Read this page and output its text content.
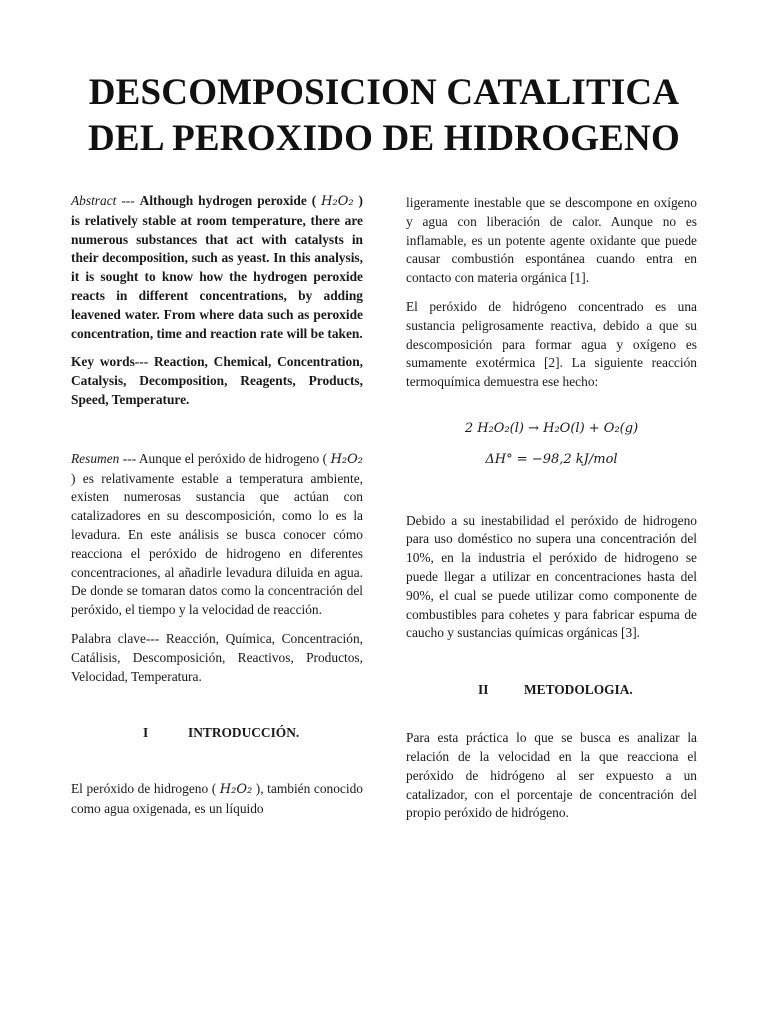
DESCOMPOSICION CATALITICA
DEL PEROXIDO DE HIDROGENO

Abstract --- Although hydrogen peroxide ( H₂O₂ ) is relatively stable at room temperature, there are numerous substances that act with catalysts in their decomposition, such as yeast. In this analysis, it is sought to know how the hydrogen peroxide reacts in different concentrations, by adding leavened water. From where data such as peroxide concentration, time and reaction rate will be taken.

Key words--- Reaction, Chemical, Concentration, Catalysis, Decomposition, Reagents, Products, Speed, Temperature.

Resumen --- Aunque el peróxido de hidrogeno ( H₂O₂ ) es relativamente estable a temperatura ambiente, existen numerosas sustancia que actúan con catalizadores en su descomposición, como lo es la levadura. En este análisis se busca conocer cómo reacciona el peróxido de hidrogeno en diferentes concentraciones, al añadirle levadura diluida en agua. De donde se tomaran datos como la concentración del peróxido, el tiempo y la velocidad de reacción.

Palabra clave--- Reacción, Química, Concentración, Catálisis, Descomposición, Reactivos, Productos, Velocidad, Temperatura.

I	INTRODUCCIÓN.

El peróxido de hidrogeno ( H₂O₂ ), también conocido como agua oxigenada, es un líquido

ligeramente inestable que se descompone en oxígeno y agua con liberación de calor. Aunque no es inflamable, es un potente agente oxidante que puede causar combustión espontánea cuando entra en contacto con materia orgánica [1].

El peróxido de hidrógeno concentrado es una sustancia peligrosamente reactiva, debido a que su descomposición para formar agua y oxígeno es sumamente exotérmica [2]. La siguiente reacción termoquímica demuestra ese hecho:

2 H₂O₂(l) → H₂O(l) + O₂(g)

ΔH° = −98,2 kJ/mol

Debido a su inestabilidad el peróxido de hidrogeno para uso doméstico no supera una concentración del 10%, en la industria el peróxido de hidrogeno se puede llegar a utilizar en concentraciones hasta del 90%, el cual se puede utilizar como componente de combustibles para cohetes y para fabricar espuma de caucho y sustancias químicas orgánicas [3].

II	METODOLOGIA.

Para esta práctica lo que se busca es analizar la relación de la velocidad en la que reacciona el peróxido de hidrógeno al ser expuesto a un catalizador, con el porcentaje de concentración del propio peróxido de hidrógeno.
